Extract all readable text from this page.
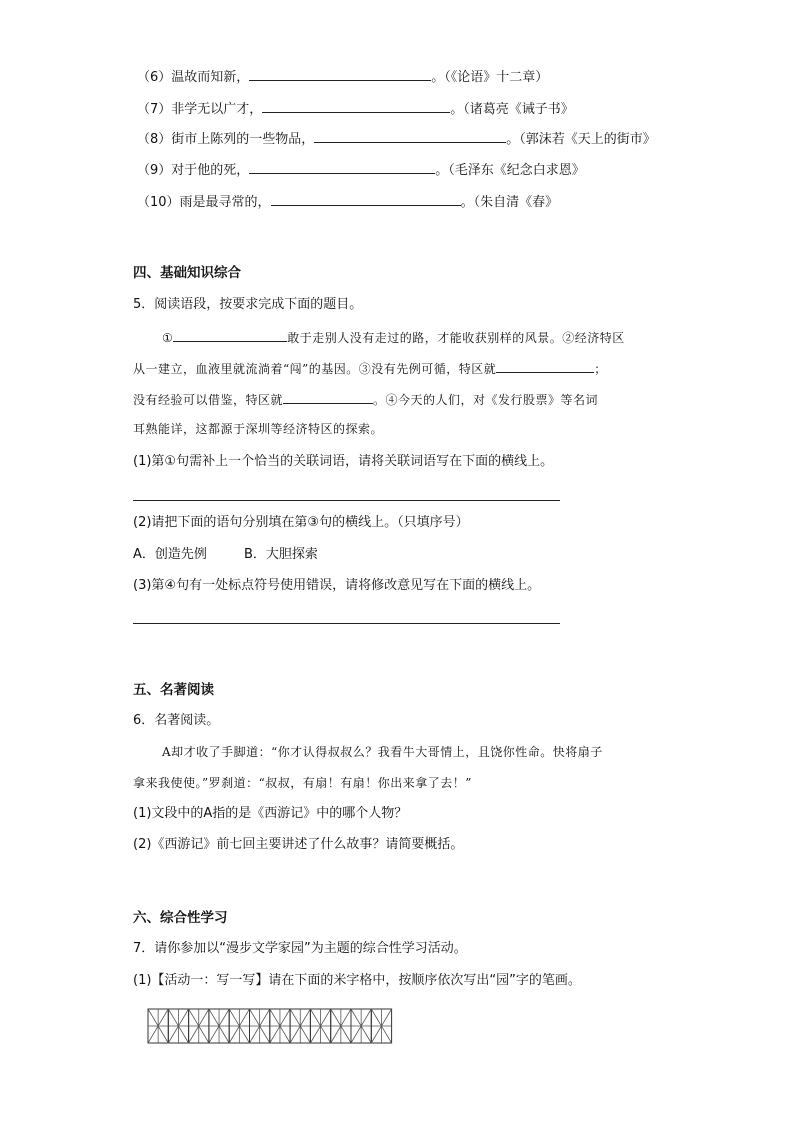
（6）温故而知新，	。（《论语》十二章）
（7）非学无以广才，	。（诸葛亮《诫子书》
（8）街市上陈列的一些物品，	。（郭沫若《天上的街市》
（9）对于他的死，	。（毛泽东《纪念白求恩》
（10）雨是最寻常的，	。（朱自清《春》
四、基础知识综合
5．阅读语段，按要求完成下面的题目。
①	敢于走别人没有走过的路，才能收获别样的风景。②经济特区
从一建立，血液里就流淌着“闯”的基因。③没有先例可循，特区就	；
没有经验可以借鉴，特区就	。④今天的人们，对《发行股票》等名词
耳熟能详，这都源于深圳等经济特区的探索。
(1)第①句需补上一个恰当的关联词语，请将关联词语写在下面的横线上。
(2)请把下面的语句分别填在第③句的横线上。（只填序号）
A．创造先例	B．大胆探索
(3)第④句有一处标点符号使用错误，请将修改意见写在下面的横线上。
五、名著阅读
6．名著阅读。
A却才收了手脚道：“你才认得叔叔么？我看牛大哥情上，且饶你性命。快将扇子
拿来我使使。”罗刹道：“叔叔，有扇！有扇！你出来拿了去！”
(1)文段中的A指的是《西游记》中的哪个人物？
(2)《西游记》前七回主要讲述了什么故事？请简要概括。
六、综合性学习
7．请你参加以“漫步文学家园”为主题的综合性学习活动。
(1)【活动一：写一写】请在下面的米字格中，按顺序依次写出“园”字的笔画。
